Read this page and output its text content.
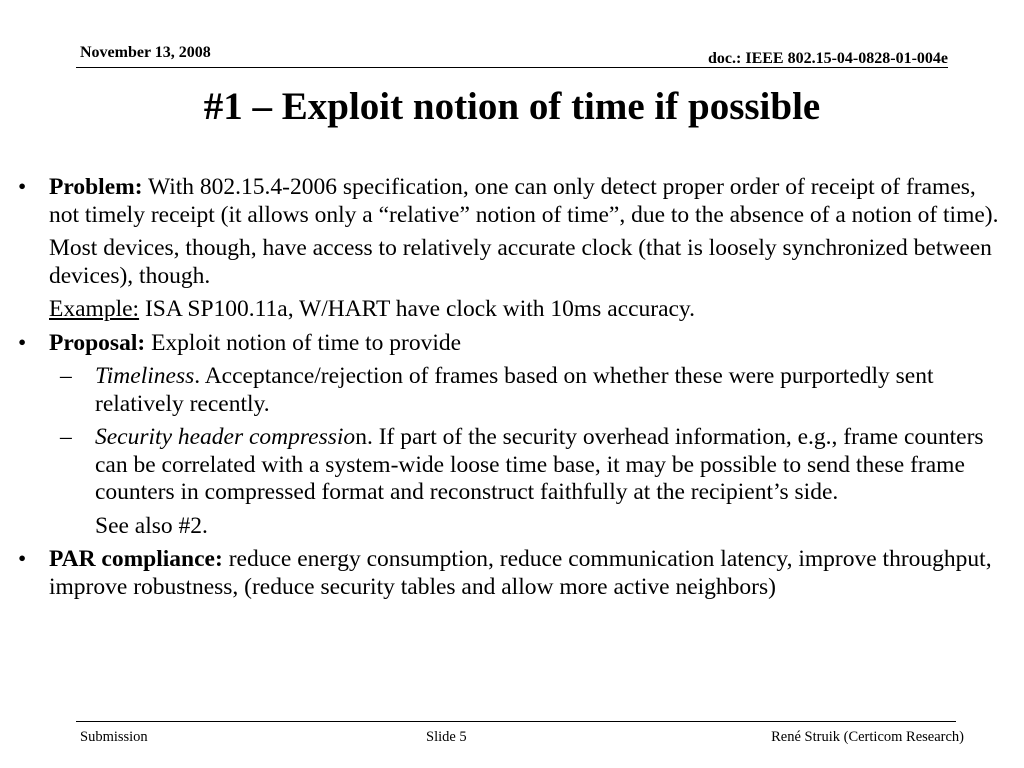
November 13, 2008	doc.: IEEE 802.15-04-0828-01-004e
#1 – Exploit notion of time if possible
• Problem: With 802.15.4-2006 specification, one can only detect proper order of receipt of frames, not timely receipt (it allows only a “relative” notion of time”, due to the absence of a notion of time).
Most devices, though, have access to relatively accurate clock (that is loosely synchronized between devices), though.
Example: ISA SP100.11a, W/HART have clock with 10ms accuracy.
• Proposal: Exploit notion of time to provide
– Timeliness. Acceptance/rejection of frames based on whether these were purportedly sent relatively recently.
– Security header compression. If part of the security overhead information, e.g., frame counters can be correlated with a system-wide loose time base, it may be possible to send these frame counters in compressed format and reconstruct faithfully at the recipient’s side.
See also #2.
• PAR compliance: reduce energy consumption, reduce communication latency, improve throughput, improve robustness, (reduce security tables and allow more active neighbors)
Submission	Slide 5	René Struik (Certicom Research)
